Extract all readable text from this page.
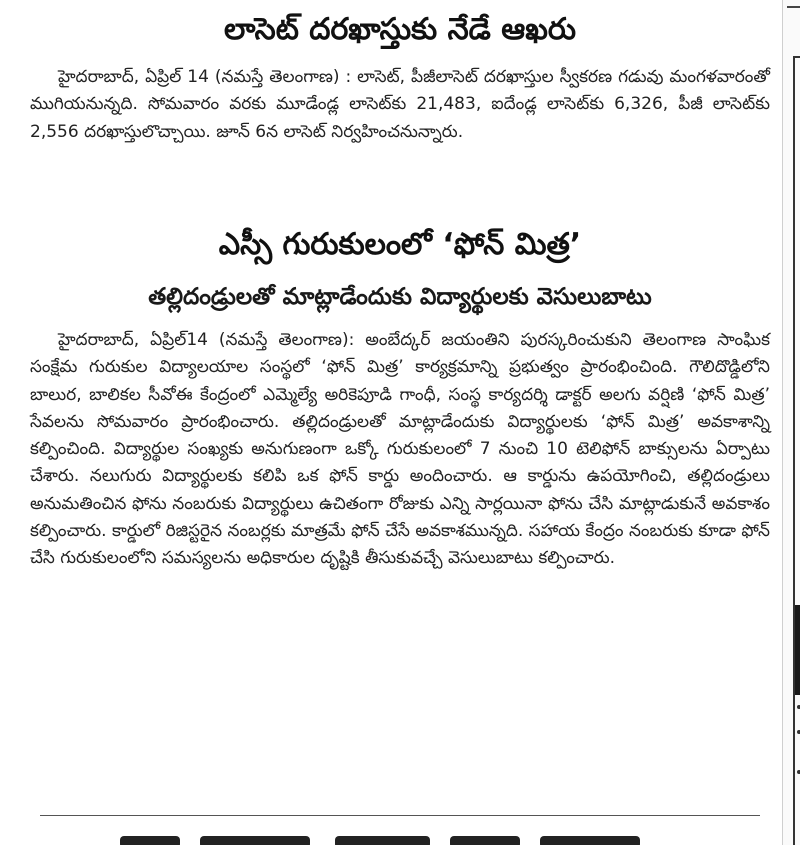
లాసెట్ దరఖాస్తుకు నేడే ఆఖరు

హైదరాబాద్, ఏప్రిల్ 14 (నమస్తే తెలంగాణ) : లాసెట్, పీజీలాసెట్ దరఖాస్తుల స్వీకరణ గడువు మంగళవారంతో ముగియనున్నది. సోమవారం వరకు మూడేండ్ల లాసెట్‌కు 21,483, ఐదేండ్ల లాసెట్‌కు 6,326, పీజీ లాసెట్‌కు 2,556 దరఖాస్తులొచ్చాయి. జూన్ 6న లాసెట్ నిర్వహించనున్నారు.

ఎస్సీ గురుకులంలో ‘ఫోన్ మిత్ర’
తల్లిదండ్రులతో మాట్లాడేందుకు విద్యార్థులకు వెసులుబాటు

హైదరాబాద్, ఏప్రిల్14 (నమస్తే తెలంగాణ): అంబేద్కర్ జయంతిని పురస్కరించుకుని తెలంగాణ సాంఘిక సంక్షేమ గురుకుల విద్యాలయాల సంస్థలో ‘ఫోన్ మిత్ర’ కార్యక్రమాన్ని ప్రభుత్వం ప్రారంభించింది. గౌలిదొడ్డిలోని బాలుర, బాలికల సీవోఈ కేంద్రంలో ఎమ్మెల్యే అరికెపూడి గాంధీ, సంస్థ కార్యదర్శి డాక్టర్ అలగు వర్షిణి ‘ఫోన్ మిత్ర’ సేవలను సోమవారం ప్రారంభించారు. తల్లిదండ్రులతో మాట్లాడేందుకు విద్యార్థులకు ‘ఫోన్ మిత్ర’ అవకాశాన్ని కల్పించింది. విద్యార్థుల సంఖ్యకు అనుగుణంగా ఒక్కో గురుకులంలో 7 నుంచి 10 టెలిఫోన్ బాక్సులను ఏర్పాటు చేశారు. నలుగురు విద్యార్థులకు కలిపి ఒక ఫోన్ కార్డు అందించారు. ఆ కార్డును ఉపయోగించి, తల్లిదండ్రులు అనుమతించిన ఫోను నంబరుకు విద్యార్థులు ఉచితంగా రోజుకు ఎన్ని సార్లయినా ఫోను చేసి మాట్లాడుకునే అవకాశం కల్పించారు. కార్డులో రిజిస్టరైన నంబర్లకు మాత్రమే ఫోన్ చేసే అవకాశమున్నది. సహాయ కేంద్రం నంబరుకు కూడా ఫోన్ చేసి గురుకులంలోని సమస్యలను అధికారుల దృష్టికి తీసుకువచ్చే వెసులుబాటు కల్పించారు.
